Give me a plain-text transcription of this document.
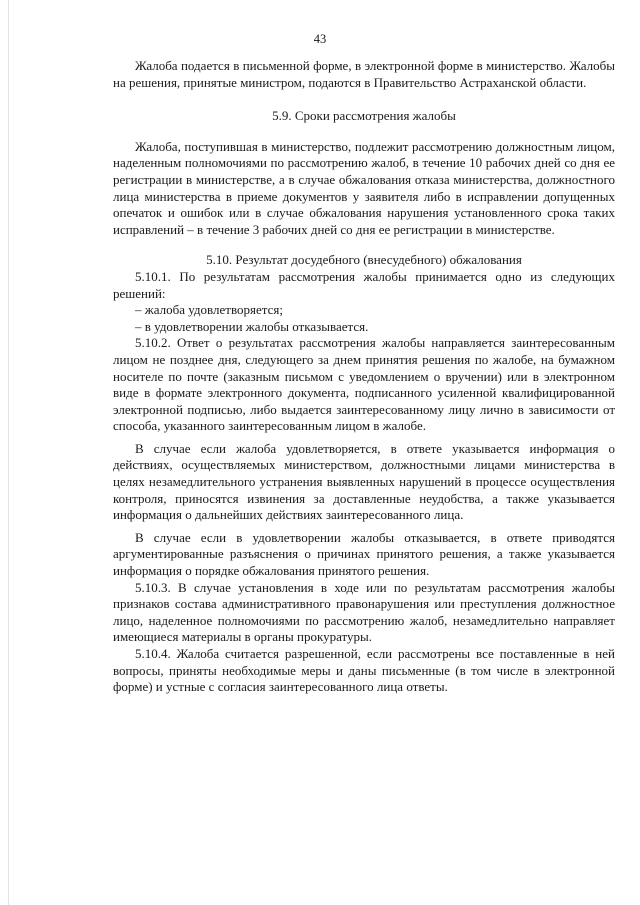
43

Жалоба подается в письменной форме, в электронной форме в министерство. Жалобы на решения, принятые министром, подаются в Правительство Астраханской области.

5.9. Сроки рассмотрения жалобы

Жалоба, поступившая в министерство, подлежит рассмотрению должностным лицом, наделенным полномочиями по рассмотрению жалоб, в течение 10 рабочих дней со дня ее регистрации в министерстве, а в случае обжалования отказа министерства, должностного лица министерства в приеме документов у заявителя либо в исправлении допущенных опечаток и ошибок или в случае обжалования нарушения установленного срока таких исправлений – в течение 3 рабочих дней со дня ее регистрации в министерстве.

5.10. Результат досудебного (внесудебного) обжалования

5.10.1. По результатам рассмотрения жалобы принимается одно из следующих решений:

– жалоба удовлетворяется;

– в удовлетворении жалобы отказывается.

5.10.2. Ответ о результатах рассмотрения жалобы направляется заинтересованным лицом не позднее дня, следующего за днем принятия решения по жалобе, на бумажном носителе по почте (заказным письмом с уведомлением о вручении) или в электронном виде в формате электронного документа, подписанного усиленной квалифицированной электронной подписью, либо выдается заинтересованному лицу лично в зависимости от способа, указанного заинтересованным лицом в жалобе.

В случае если жалоба удовлетворяется, в ответе указывается информация о действиях, осуществляемых министерством, должностными лицами министерства в целях незамедлительного устранения выявленных нарушений в процессе осуществления контроля, приносятся извинения за доставленные неудобства, а также указывается информация о дальнейших действиях заинтересованного лица.

В случае если в удовлетворении жалобы отказывается, в ответе приводятся аргументированные разъяснения о причинах принятого решения, а также указывается информация о порядке обжалования принятого решения.

5.10.3. В случае установления в ходе или по результатам рассмотрения жалобы признаков состава административного правонарушения или преступления должностное лицо, наделенное полномочиями по рассмотрению жалоб, незамедлительно направляет имеющиеся материалы в органы прокуратуры.

5.10.4. Жалоба считается разрешенной, если рассмотрены все поставленные в ней вопросы, приняты необходимые меры и даны письменные (в том числе в электронной форме) и устные с согласия заинтересованного лица ответы.
